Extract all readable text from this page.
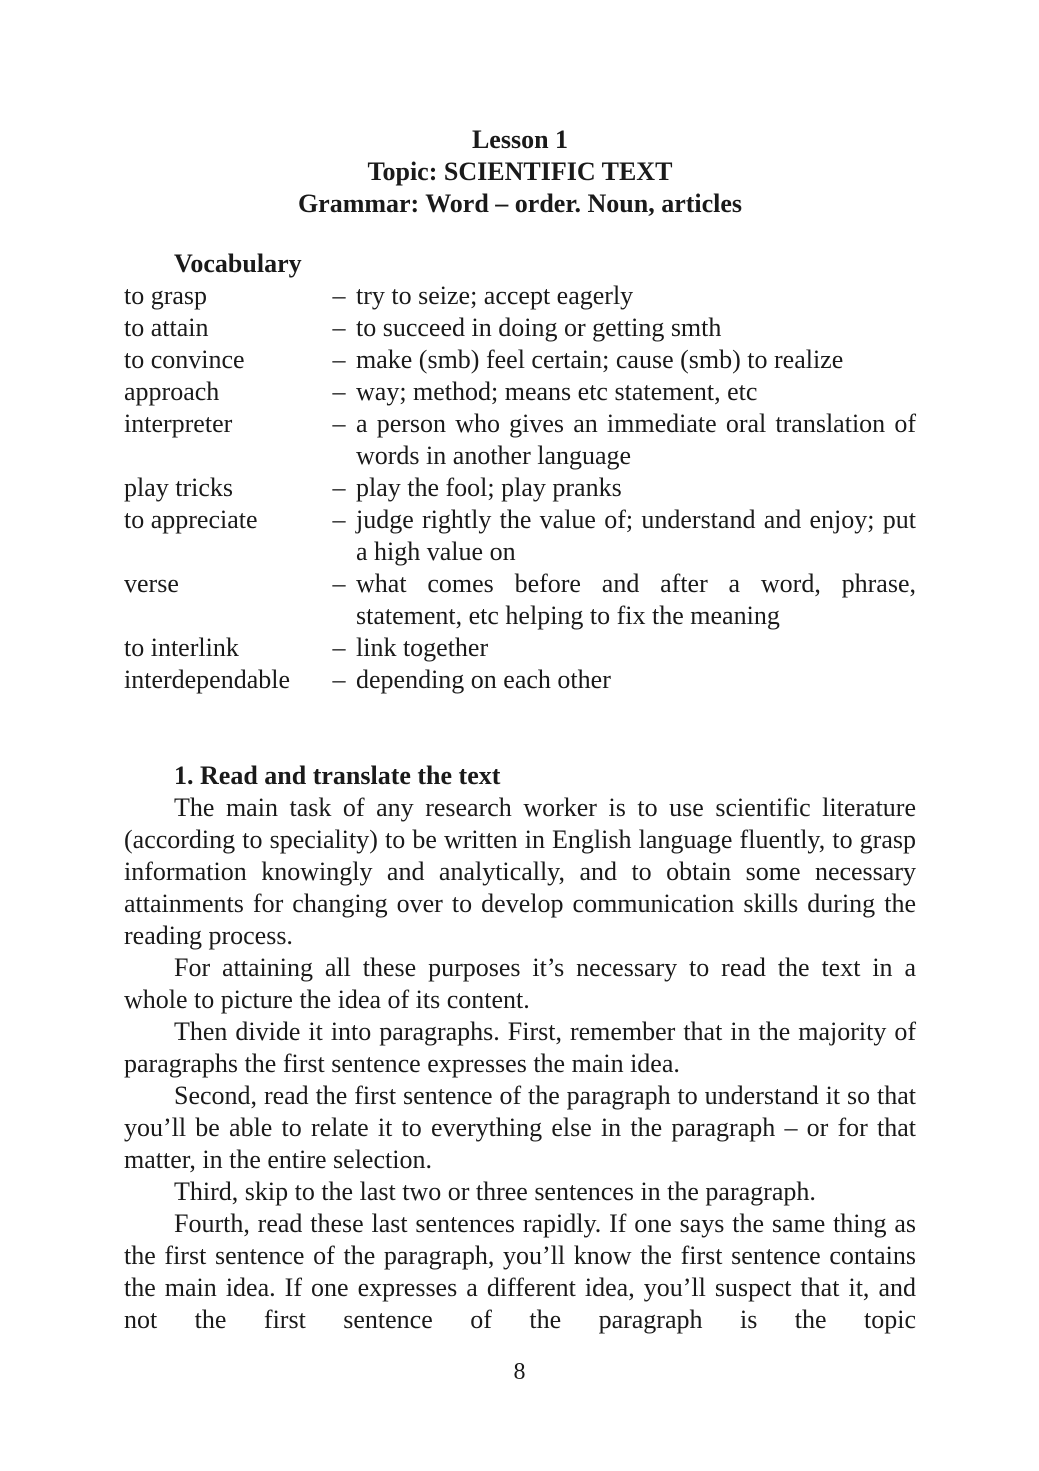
Lesson 1

Topic: SCIENTIFIC TEXT

Grammar: Word – order. Noun, articles

Vocabulary

to grasp	–	try to seize; accept eagerly
to attain	–	to succeed in doing or getting smth
to convince	–	make (smb) feel certain; cause (smb) to realize
approach	–	way; method; means etc statement, etc
interpreter	–	a person who gives an immediate oral translation of words in another language
play tricks	–	play the fool; play pranks
to appreciate	–	judge rightly the value of; understand and enjoy; put a high value on
verse	–	what comes before and after a word, phrase, statement, etc helping to fix the meaning
to interlink	–	link together
interdependable	–	depending on each other

1. Read and translate the text

The main task of any research worker is to use scientific literature (according to speciality) to be written in English language fluently, to grasp information knowingly and analytically, and to obtain some necessary attainments for changing over to develop communication skills during the reading process.

For attaining all these purposes it’s necessary to read the text in a whole to picture the idea of its content.

Then divide it into paragraphs. First, remember that in the majority of paragraphs the first sentence expresses the main idea.

Second, read the first sentence of the paragraph to understand it so that you’ll be able to relate it to everything else in the paragraph – or for that matter, in the entire selection.

Third, skip to the last two or three sentences in the paragraph.

Fourth, read these last sentences rapidly. If one says the same thing as the first sentence of the paragraph, you’ll know the first sentence contains the main idea. If one expresses a different idea, you’ll suspect that it, and not the first sentence of the paragraph is the topic

8
